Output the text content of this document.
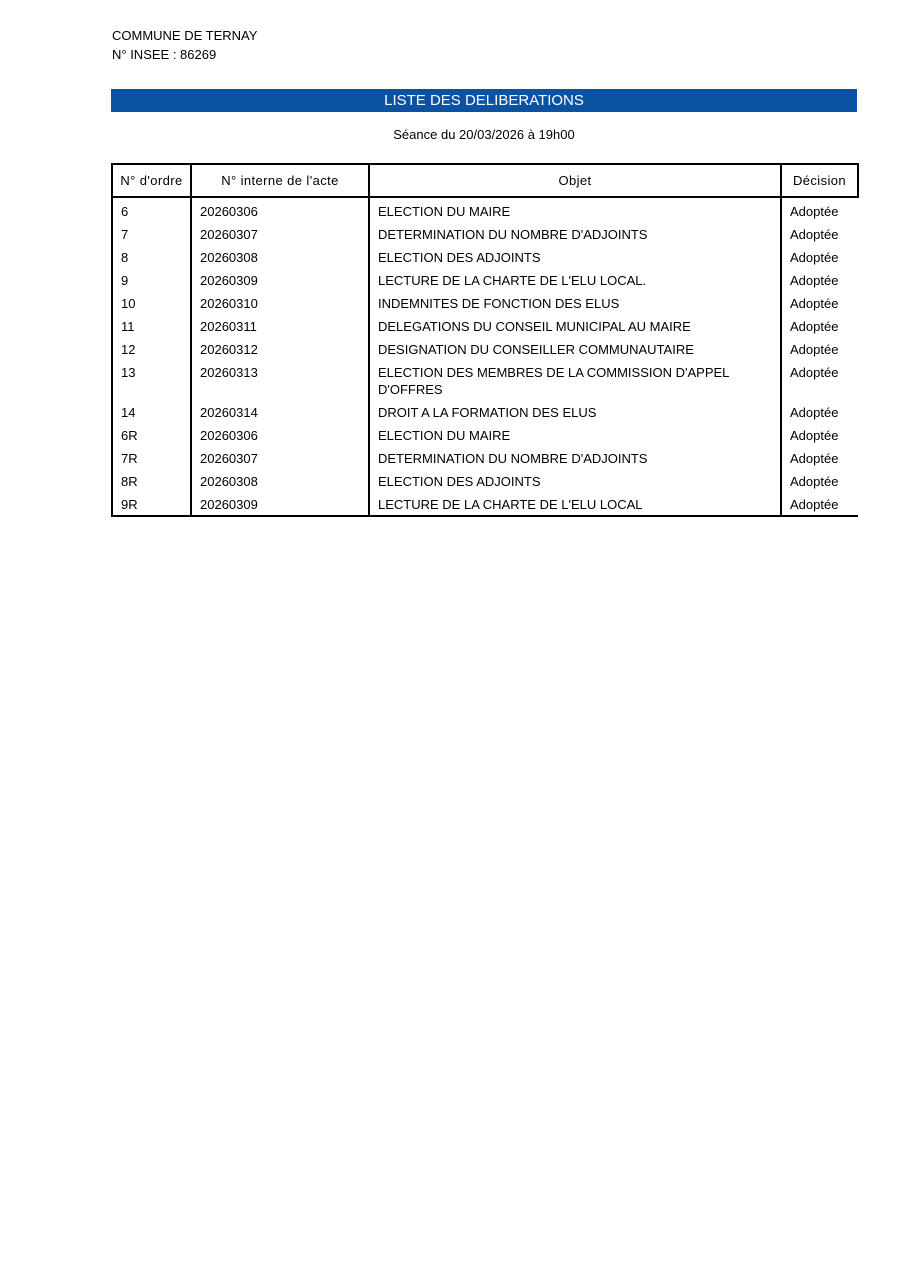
COMMUNE DE TERNAY
N° INSEE : 86269
LISTE DES DELIBERATIONS
Séance du 20/03/2026 à 19h00
N° d'ordre	N° interne de l'acte	Objet	Décision
6	20260306	ELECTION DU MAIRE	Adoptée
7	20260307	DETERMINATION DU NOMBRE D'ADJOINTS	Adoptée
8	20260308	ELECTION DES ADJOINTS	Adoptée
9	20260309	LECTURE DE LA CHARTE DE L'ELU LOCAL.	Adoptée
10	20260310	INDEMNITES DE FONCTION DES ELUS	Adoptée
11	20260311	DELEGATIONS DU CONSEIL MUNICIPAL AU MAIRE	Adoptée
12	20260312	DESIGNATION DU CONSEILLER COMMUNAUTAIRE	Adoptée
13	20260313	ELECTION DES MEMBRES DE LA COMMISSION D'APPEL D'OFFRES	Adoptée
14	20260314	DROIT A LA FORMATION DES ELUS	Adoptée
6R	20260306	ELECTION DU MAIRE	Adoptée
7R	20260307	DETERMINATION DU NOMBRE D'ADJOINTS	Adoptée
8R	20260308	ELECTION DES ADJOINTS	Adoptée
9R	20260309	LECTURE DE LA CHARTE DE L'ELU LOCAL	Adoptée
